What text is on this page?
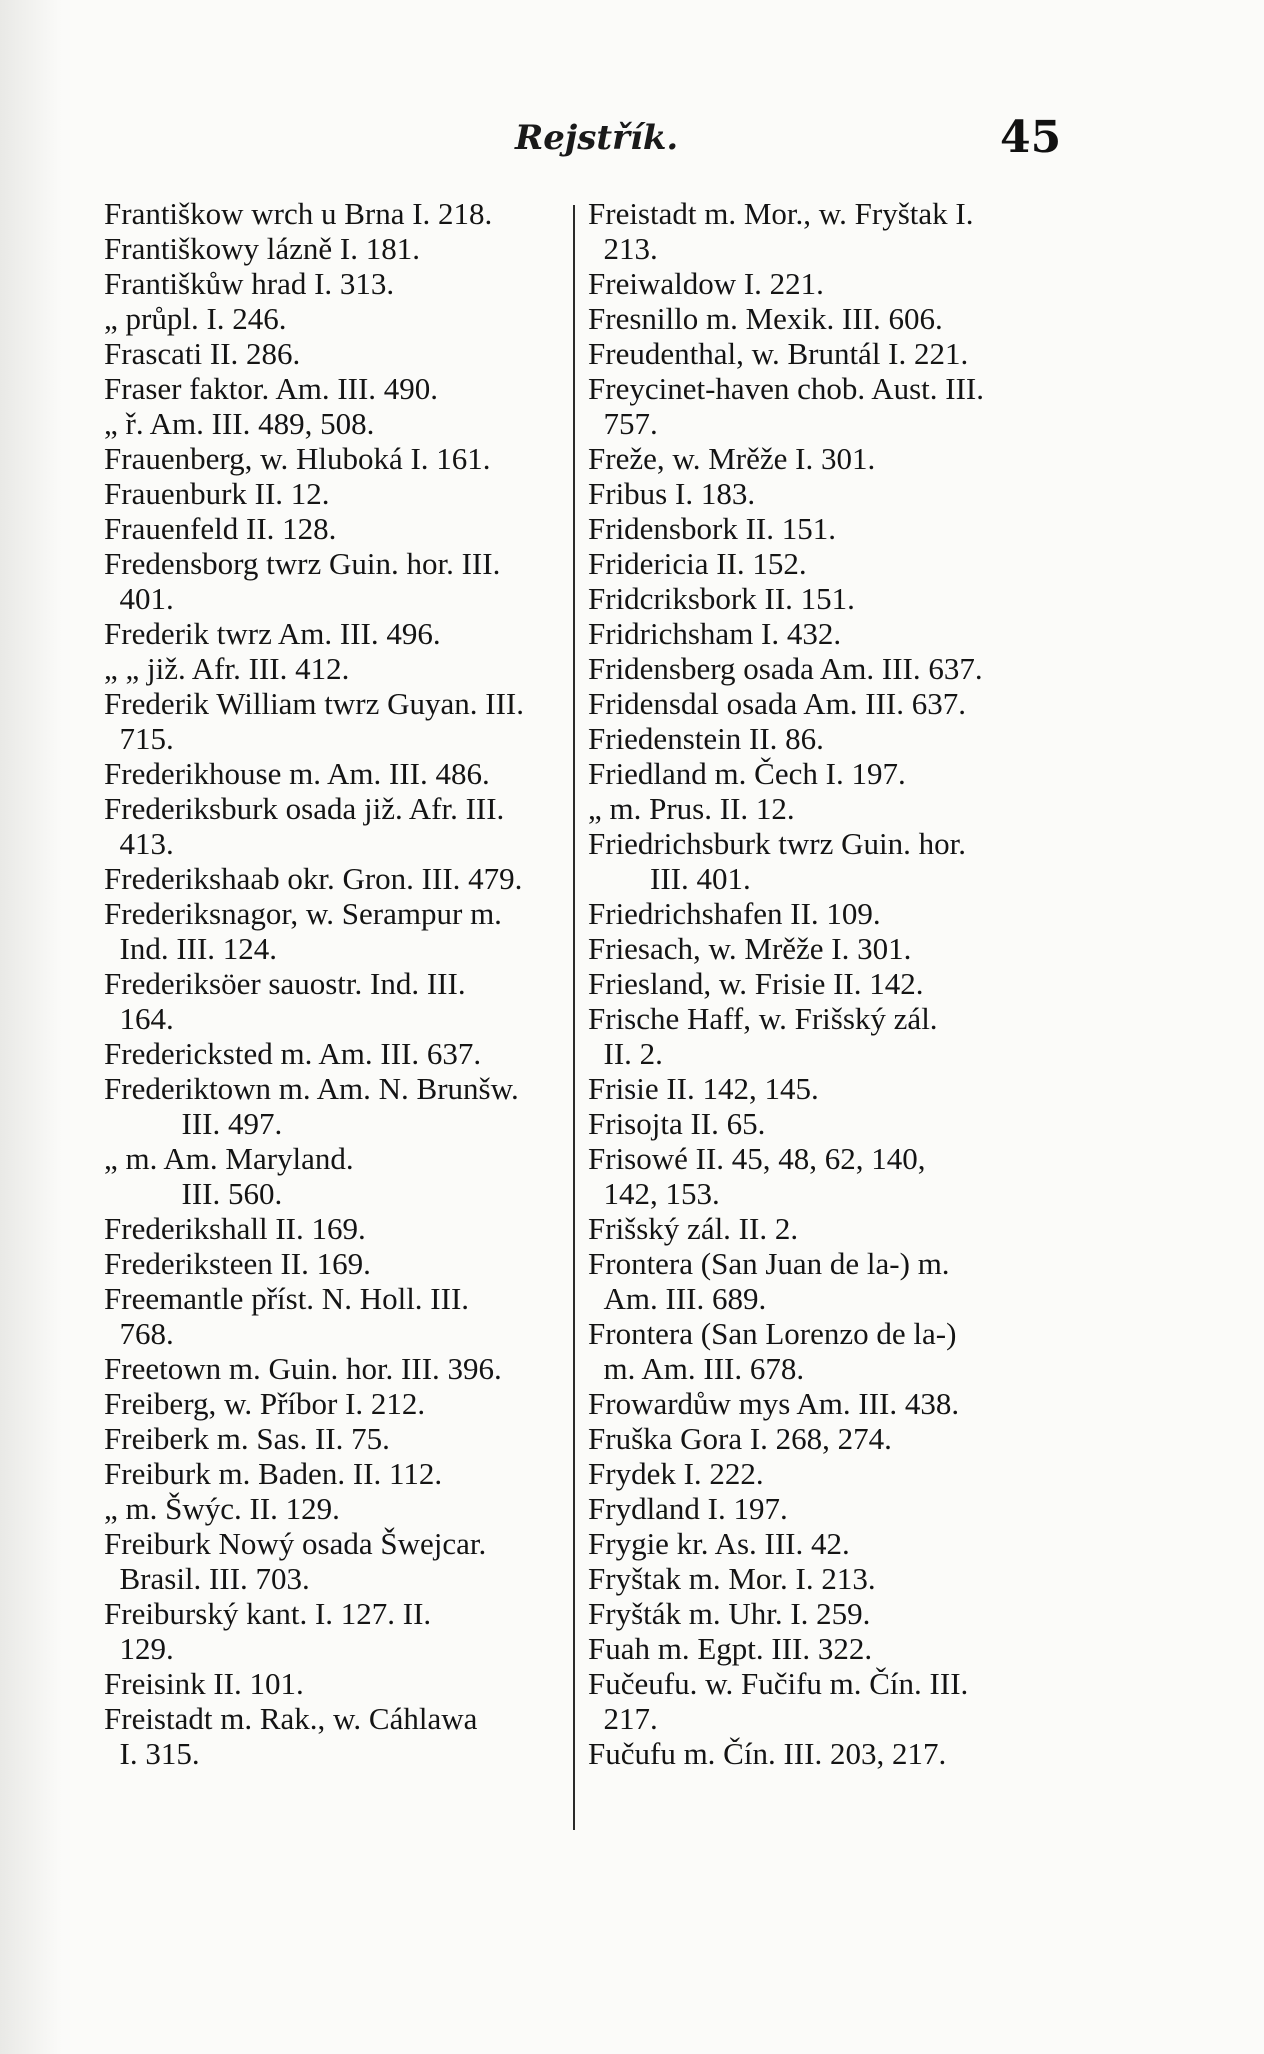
Rejstřík.	45

Františkow wrch u Brna I. 218.

Františkowy lázně I. 181.

Františkůw hrad I. 313.

„ průpl. I. 246.

Frascati II. 286.

Fraser faktor. Am. III. 490.

„ ř. Am. III. 489, 508.

Frauenberg, w. Hluboká I. 161.

Frauenburk II. 12.

Frauenfeld II. 128.

Fredensborg twrz Guin. hor. III.
401.

Frederik twrz Am. III. 496.

„ „ již. Afr. III. 412.

Frederik William twrz Guyan. III.
715.

Frederikhouse m. Am. III. 486.

Frederiksburk osada již. Afr. III.
413.

Frederikshaab okr. Gron. III. 479.

Frederiksnagor, w. Serampur m.
Ind. III. 124.

Frederiksöer sauostr. Ind. III.
164.

Fredericksted m. Am. III. 637.

Frederiktown m. Am. N. Brunšw.
III. 497.

„ m. Am. Maryland.
III. 560.

Frederikshall II. 169.

Frederiksteen II. 169.

Freemantle příst. N. Holl. III.
768.

Freetown m. Guin. hor. III. 396.

Freiberg, w. Příbor I. 212.

Freiberk m. Sas. II. 75.

Freiburk m. Baden. II. 112.

„ m. Šwýc. II. 129.

Freiburk Nowý osada Šwejcar.
Brasil. III. 703.

Freiburský kant. I. 127. II.
129.

Freisink II. 101.

Freistadt m. Rak., w. Cáhlawa
I. 315.

Freistadt m. Mor., w. Fryštak I.
213.

Freiwaldow I. 221.

Fresnillo m. Mexik. III. 606.

Freudenthal, w. Bruntál I. 221.

Freycinet-haven chob. Aust. III.
757.

Freže, w. Mrěže I. 301.

Fribus I. 183.

Fridensbork II. 151.

Fridericia II. 152.

Fridcriksbork II. 151.

Fridrichsham I. 432.

Fridensberg osada Am. III. 637.

Fridensdal osada Am. III. 637.

Friedenstein II. 86.

Friedland m. Čech I. 197.

„ m. Prus. II. 12.

Friedrichsburk twrz Guin. hor.
III. 401.

Friedrichshafen II. 109.

Friesach, w. Mrěže I. 301.

Friesland, w. Frisie II. 142.

Frische Haff, w. Frišský zál.
II. 2.

Frisie II. 142, 145.

Frisojta II. 65.

Frisowé II. 45, 48, 62, 140,
142, 153.

Frišský zál. II. 2.

Frontera (San Juan de la-) m.
Am. III. 689.

Frontera (San Lorenzo de la-)
m. Am. III. 678.

Frowardůw mys Am. III. 438.

Fruška Gora I. 268, 274.

Frydek I. 222.

Frydland I. 197.

Frygie kr. As. III. 42.

Fryštak m. Mor. I. 213.

Fryšták m. Uhr. I. 259.

Fuah m. Egpt. III. 322.

Fučeufu. w. Fučifu m. Čín. III.
217.

Fučufu m. Čín. III. 203, 217.
